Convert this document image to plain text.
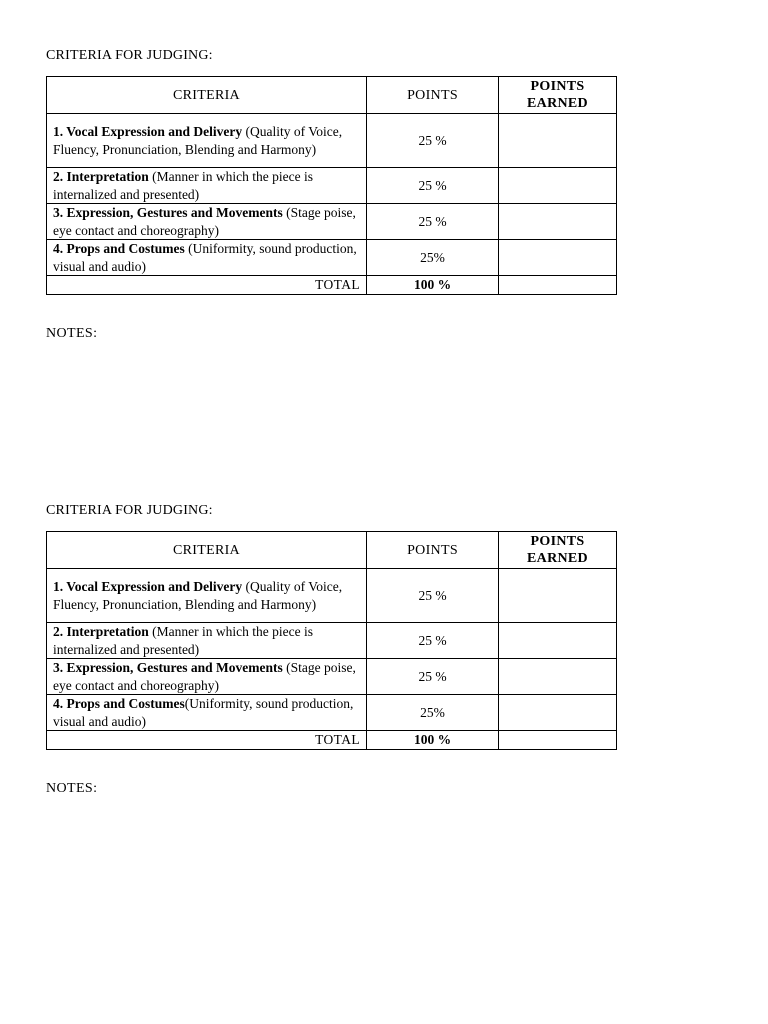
CRITERIA FOR JUDGING:

CRITERIA	POINTS	POINTS
EARNED
1. Vocal Expression and Delivery (Quality of Voice, Fluency, Pronunciation, Blending and Harmony)	25 %	
2. Interpretation (Manner in which the piece is internalized and presented)	25 %	
3. Expression, Gestures and Movements (Stage poise, eye contact and choreography)	25 %	
4. Props and Costumes (Uniformity, sound production, visual and audio)	25%	
TOTAL	100 %	

NOTES:

CRITERIA FOR JUDGING:

CRITERIA	POINTS	POINTS
EARNED
1. Vocal Expression and Delivery (Quality of Voice, Fluency, Pronunciation, Blending and Harmony)	25 %	
2. Interpretation (Manner in which the piece is internalized and presented)	25 %	
3. Expression, Gestures and Movements (Stage poise, eye contact and choreography)	25 %	
4. Props and Costumes(Uniformity, sound production, visual and audio)	25%	
TOTAL	100 %	

NOTES:
